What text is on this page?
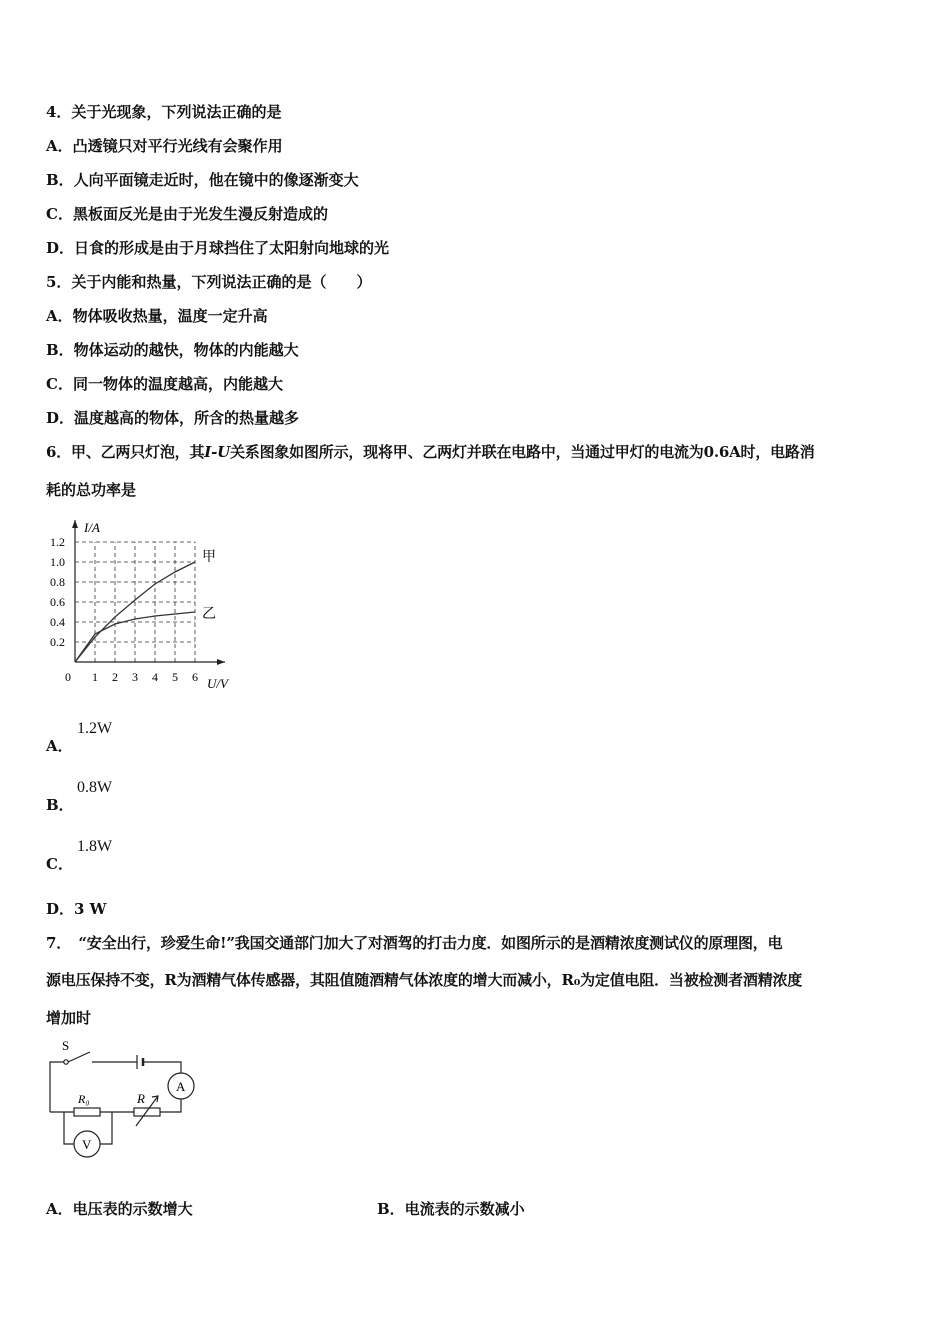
4．关于光现象，下列说法正确的是
A．凸透镜只对平行光线有会聚作用
B．人向平面镜走近时，他在镜中的像逐渐变大
C．黑板面反光是由于光发生漫反射造成的
D．日食的形成是由于月球挡住了太阳射向地球的光
5．关于内能和热量，下列说法正确的是（　　）
A．物体吸收热量，温度一定升高
B．物体运动的越快，物体的内能越大
C．同一物体的温度越高，内能越大
D．温度越高的物体，所含的热量越多
6．甲、乙两只灯泡，其I-U关系图象如图所示，现将甲、乙两灯并联在电路中，当通过甲灯的电流为0.6A时，电路消
耗的总功率是
I/A
U/V
0 1 2 3 4 5 6
0.2
0.4
0.6
0.8
1.0
1.2
甲
乙
A．
1.2W
B．
0.8W
C．
1.8W
D．3 W
7．　“安全出行，珍爱生命!”我国交通部门加大了对酒驾的打击力度．如图所示的是酒精浓度测试仪的原理图，电
源电压保持不变，R为酒精气体传感器，其阻值随酒精气体浓度的增大而减小，R₀为定值电阻．当被检测者酒精浓度
增加时
S
A
V
R₀	R
A．电压表的示数增大	B．电流表的示数减小
